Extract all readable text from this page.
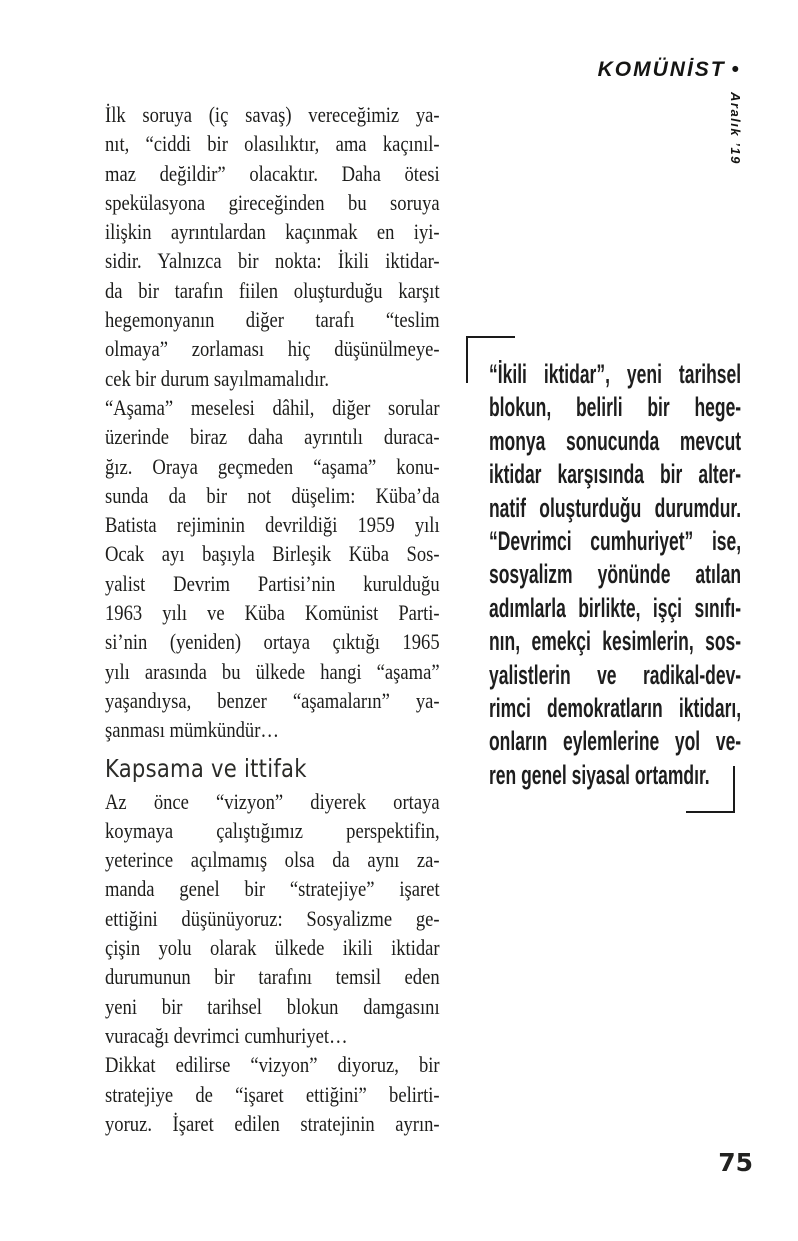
KOMÜNİST •
Aralık ’19
İlk soruya (iç savaş) vereceğimiz ya-
nıt, “ciddi bir olasılıktır, ama kaçınıl-
maz değildir” olacaktır. Daha ötesi
spekülasyona gireceğinden bu soruya
ilişkin ayrıntılardan kaçınmak en iyi-
sidir. Yalnızca bir nokta: İkili iktidar-
da bir tarafın fiilen oluşturduğu karşıt
hegemonyanın diğer tarafı “teslim
olmaya” zorlaması hiç düşünülmeye-
cek bir durum sayılmamalıdır.
“Aşama” meselesi dâhil, diğer sorular
üzerinde biraz daha ayrıntılı duraca-
ğız. Oraya geçmeden “aşama” konu-
sunda da bir not düşelim: Küba’da
Batista rejiminin devrildiği 1959 yılı
Ocak ayı başıyla Birleşik Küba Sos-
yalist Devrim Partisi’nin kurulduğu
1963 yılı ve Küba Komünist Parti-
si’nin (yeniden) ortaya çıktığı 1965
yılı arasında bu ülkede hangi “aşama”
yaşandıysa, benzer “aşamaların” ya-
şanması mümkündür…
Kapsama ve ittifak
Az önce “vizyon” diyerek ortaya
koymaya çalıştığımız perspektifin,
yeterince açılmamış olsa da aynı za-
manda genel bir “stratejiye” işaret
ettiğini düşünüyoruz: Sosyalizme ge-
çişin yolu olarak ülkede ikili iktidar
durumunun bir tarafını temsil eden
yeni bir tarihsel blokun damgasını
vuracağı devrimci cumhuriyet…
Dikkat edilirse “vizyon” diyoruz, bir
stratejiye de “işaret ettiğini” belirti-
yoruz. İşaret edilen stratejinin ayrın-
“İkili iktidar”, yeni tarihsel
blokun, belirli bir hege-
monya sonucunda mevcut
iktidar karşısında bir alter-
natif oluşturduğu durumdur.
“Devrimci cumhuriyet” ise,
sosyalizm yönünde atılan
adımlarla birlikte, işçi sınıfı-
nın, emekçi kesimlerin, sos-
yalistlerin ve radikal-dev-
rimci demokratların iktidarı,
onların eylemlerine yol ve-
ren genel siyasal ortamdır.
75
